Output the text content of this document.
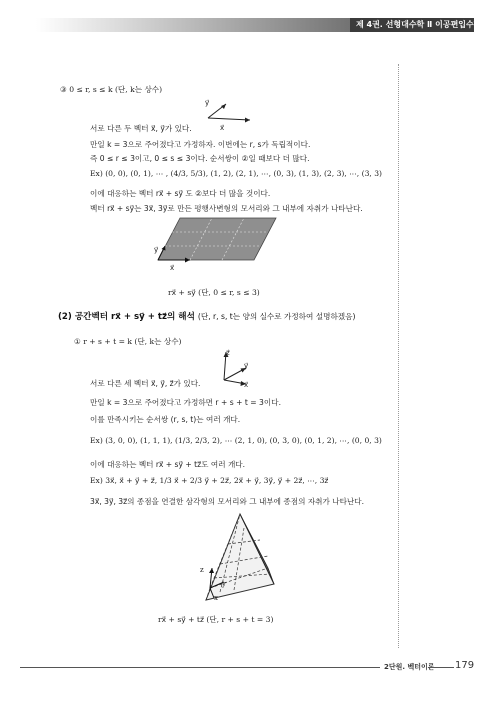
제 4권. 선형대수학 Ⅱ 이공편입수학
③ 0 ≤ r, s ≤ k (단, k는 상수)
y⃗
x⃗
서로 다른 두 벡터 x⃗, y⃗가 있다.
만일 k = 3으로 주어졌다고 가정하자. 이번에는 r, s가 독립적이다.
즉 0 ≤ r ≤ 3이고, 0 ≤ s ≤ 3이다. 순서쌍이 ②일 때보다 더 많다.
Ex) (0, 0), (0, 1), ⋯ , (4/3, 5/3), (1, 2), (2, 1), ⋯, (0, 3), (1, 3), (2, 3), ⋯, (3, 3)
이에 대응하는 벡터 rx⃗ + sy⃗ 도 ②보다 더 많을 것이다.
벡터 rx⃗ + sy⃗는 3x⃗, 3y⃗로 만든 평행사변형의 모서리와 그 내부에 자취가 나타난다.
y⃗
x⃗
rx⃗ + sy⃗ (단, 0 ≤ r, s ≤ 3)
(2) 공간벡터 rx⃗ + sy⃗ + tz⃗의 해석 (단, r, s, t는 양의 실수로 가정하여 설명하겠음)
① r + s + t = k (단, k는 상수)
z⃗
y⃗
x⃗
서로 다른 세 벡터 x⃗, y⃗, z⃗가 있다.
만일 k = 3으로 주어졌다고 가정하면 r + s + t = 3이다.
이를 만족시키는 순서쌍 (r, s, t)는 여러 개다.
Ex) (3, 0, 0), (1, 1, 1), (1/3, 2/3, 2), ⋯ (2, 1, 0), (0, 3, 0), (0, 1, 2), ⋯, (0, 0, 3)
이에 대응하는 벡터 rx⃗ + sy⃗ + tz⃗도 여러 개다.
Ex) 3x⃗, x⃗ + y⃗ + z⃗, 1/3 x⃗ + 2/3 y⃗ + 2z⃗, 2x⃗ + y⃗, 3y⃗, y⃗ + 2z⃗, ⋯, 3z⃗
3x⃗, 3y⃗, 3z⃗의 종점을 연결한 삼각형의 모서리와 그 내부에 종점의 자취가 나타난다.
z
y
x
rx⃗ + sy⃗ + tz⃗ (단, r + s + t = 3)
2단원. 벡터이론 179
